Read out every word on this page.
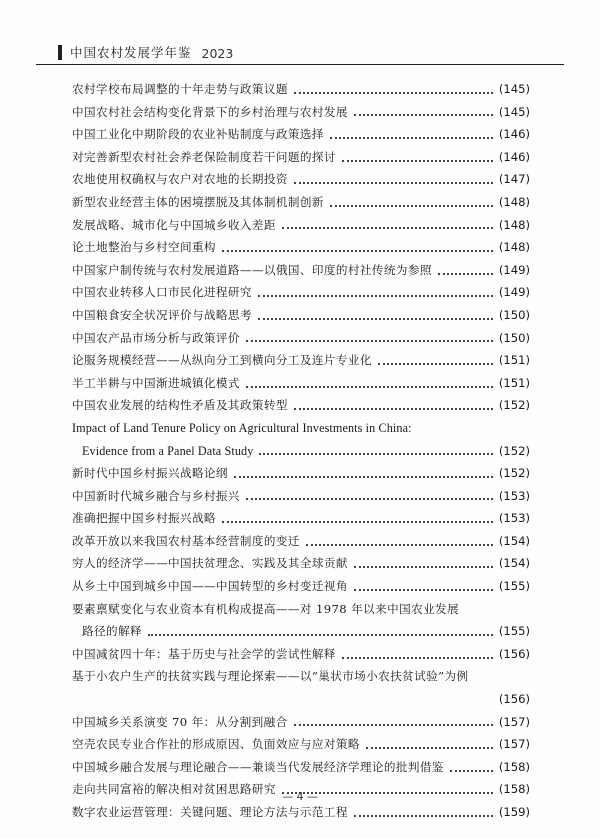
中国农村发展学年鉴 2023
农村学校布局调整的十年走势与政策议题	(145)
中国农村社会结构变化背景下的乡村治理与农村发展	(145)
中国工业化中期阶段的农业补贴制度与政策选择	(146)
对完善新型农村社会养老保险制度若干问题的探讨	(146)
农地使用权确权与农户对农地的长期投资	(147)
新型农业经营主体的困境摆脱及其体制机制创新	(148)
发展战略、城市化与中国城乡收入差距	(148)
论土地整治与乡村空间重构	(148)
中国家户制传统与农村发展道路——以俄国、印度的村社传统为参照	(149)
中国农业转移人口市民化进程研究	(149)
中国粮食安全状况评价与战略思考	(150)
中国农产品市场分析与政策评价	(150)
论服务规模经营——从纵向分工到横向分工及连片专业化	(151)
半工半耕与中国渐进城镇化模式	(151)
中国农业发展的结构性矛盾及其政策转型	(152)
Impact of Land Tenure Policy on Agricultural Investments in China:
Evidence from a Panel Data Study	(152)
新时代中国乡村振兴战略论纲	(152)
中国新时代城乡融合与乡村振兴	(153)
准确把握中国乡村振兴战略	(153)
改革开放以来我国农村基本经营制度的变迁	(154)
穷人的经济学——中国扶贫理念、实践及其全球贡献	(154)
从乡土中国到城乡中国——中国转型的乡村变迁视角	(155)
要素禀赋变化与农业资本有机构成提高——对 1978 年以来中国农业发展
路径的解释	(155)
中国减贫四十年：基于历史与社会学的尝试性解释	(156)
基于小农户生产的扶贫实践与理论探索——以“巢状市场小农扶贫试验”为例
(156)
中国城乡关系演变 70 年：从分割到融合	(157)
空壳农民专业合作社的形成原因、负面效应与应对策略	(157)
中国城乡融合发展与理论融合——兼谈当代发展经济学理论的批判借鉴	(158)
走向共同富裕的解决相对贫困思路研究	(158)
数字农业运营管理：关键问题、理论方法与示范工程	(159)
— 4 —
